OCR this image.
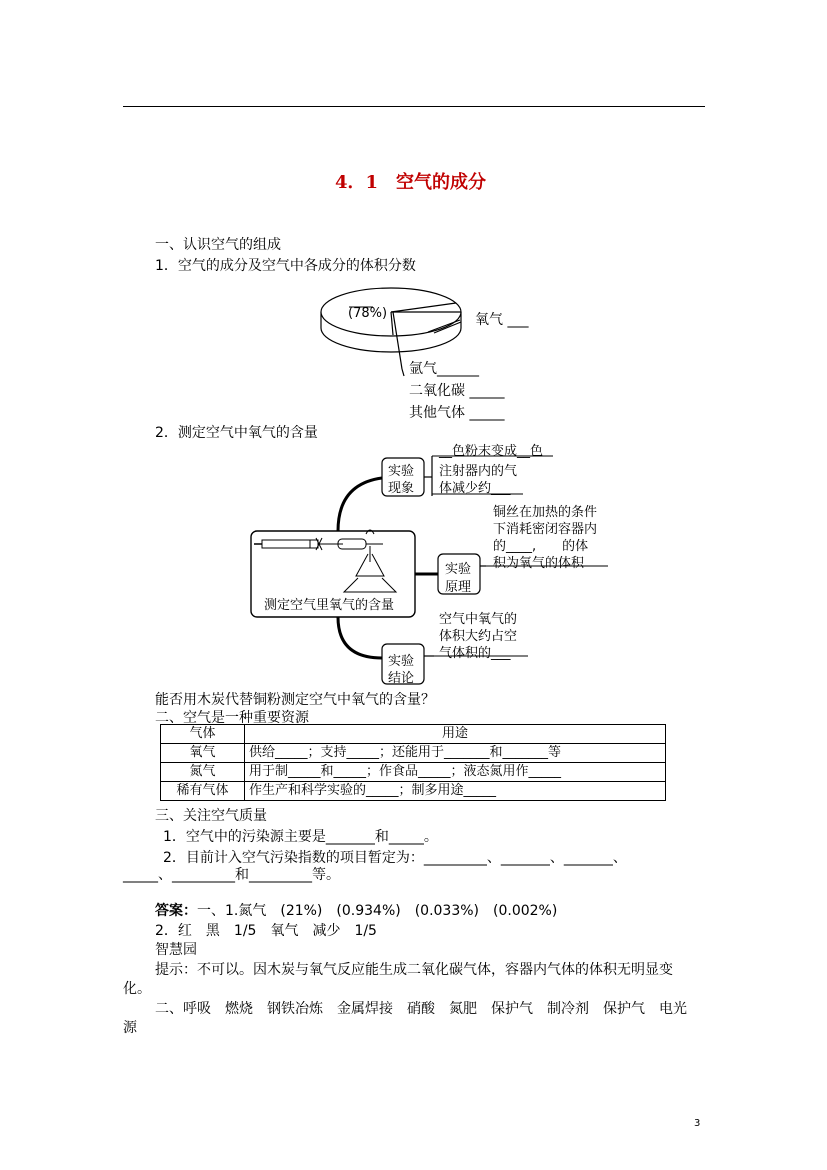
4．1　空气的成分
一、认识空气的组成
1．空气的成分及空气中各成分的体积分数
(78%)	氧气 ___
氩气______
二氧化碳 _____
其他气体 _____
2．测定空气中氧气的含量
测定空气里氧气的含量
实验
现象
__色粉末变成__色
注射器内的气
体减少约___
实验
原理
铜丝在加热的条件
下消耗密闭容器内
的____,　　的体
积为氧气的体积
实验
结论
空气中氧气的
体积大约占空
气体积的___
能否用木炭代替铜粉测定空气中氧气的含量？
二、空气是一种重要资源
气体	用途
氧气	供给_____；支持_____；还能用于_______和_______等
氮气	用于制_____和_____；作食品_____；液态氮用作_____
稀有气体	作生产和科学实验的_____；制多用途_____
三、关注空气质量
1．空气中的污染源主要是_______和_____。
2．目前计入空气污染指数的项目暂定为：_________、_______、_______、
_____、_________和_________等。
答案：一、1.氮气　(21%)　(0.934%)　(0.033%)　(0.002%)
2．红　黑　1/5　氧气　减少　1/5
智慧园
提示：不可以。因木炭与氧气反应能生成二氧化碳气体，容器内气体的体积无明显变
化。
二、呼吸　燃烧　钢铁冶炼　金属焊接　硝酸　氮肥　保护气　制冷剂　保护气　电光
源
3
